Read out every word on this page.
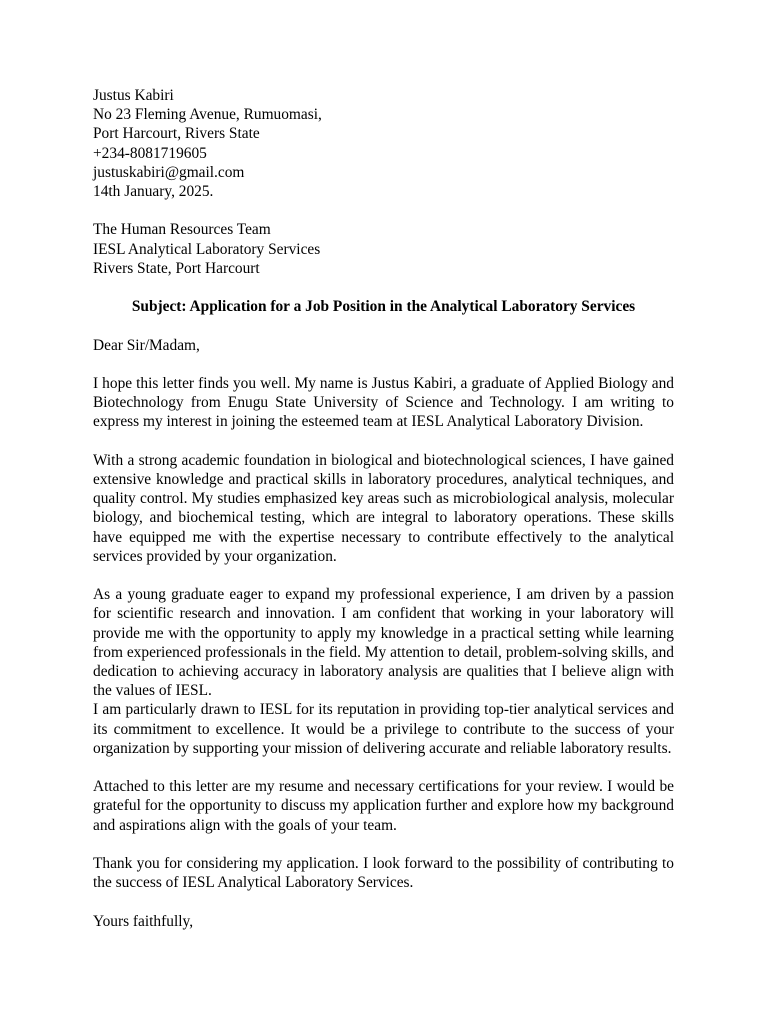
Justus Kabiri
No 23 Fleming Avenue, Rumuomasi,
Port Harcourt, Rivers State
+234-8081719605
justuskabiri@gmail.com
14th January, 2025.
The Human Resources Team
IESL Analytical Laboratory Services
Rivers State, Port Harcourt
Subject: Application for a Job Position in the Analytical Laboratory Services
Dear Sir/Madam,

I hope this letter finds you well. My name is Justus Kabiri, a graduate of Applied Biology and Biotechnology from Enugu State University of Science and Technology. I am writing to express my interest in joining the esteemed team at IESL Analytical Laboratory Division.

With a strong academic foundation in biological and biotechnological sciences, I have gained extensive knowledge and practical skills in laboratory procedures, analytical techniques, and quality control. My studies emphasized key areas such as microbiological analysis, molecular biology, and biochemical testing, which are integral to laboratory operations. These skills have equipped me with the expertise necessary to contribute effectively to the analytical services provided by your organization.

As a young graduate eager to expand my professional experience, I am driven by a passion for scientific research and innovation. I am confident that working in your laboratory will provide me with the opportunity to apply my knowledge in a practical setting while learning from experienced professionals in the field. My attention to detail, problem-solving skills, and dedication to achieving accuracy in laboratory analysis are qualities that I believe align with the values of IESL.

I am particularly drawn to IESL for its reputation in providing top-tier analytical services and its commitment to excellence. It would be a privilege to contribute to the success of your organization by supporting your mission of delivering accurate and reliable laboratory results.

Attached to this letter are my resume and necessary certifications for your review. I would be grateful for the opportunity to discuss my application further and explore how my background and aspirations align with the goals of your team.

Thank you for considering my application. I look forward to the possibility of contributing to the success of IESL Analytical Laboratory Services.

Yours faithfully,
